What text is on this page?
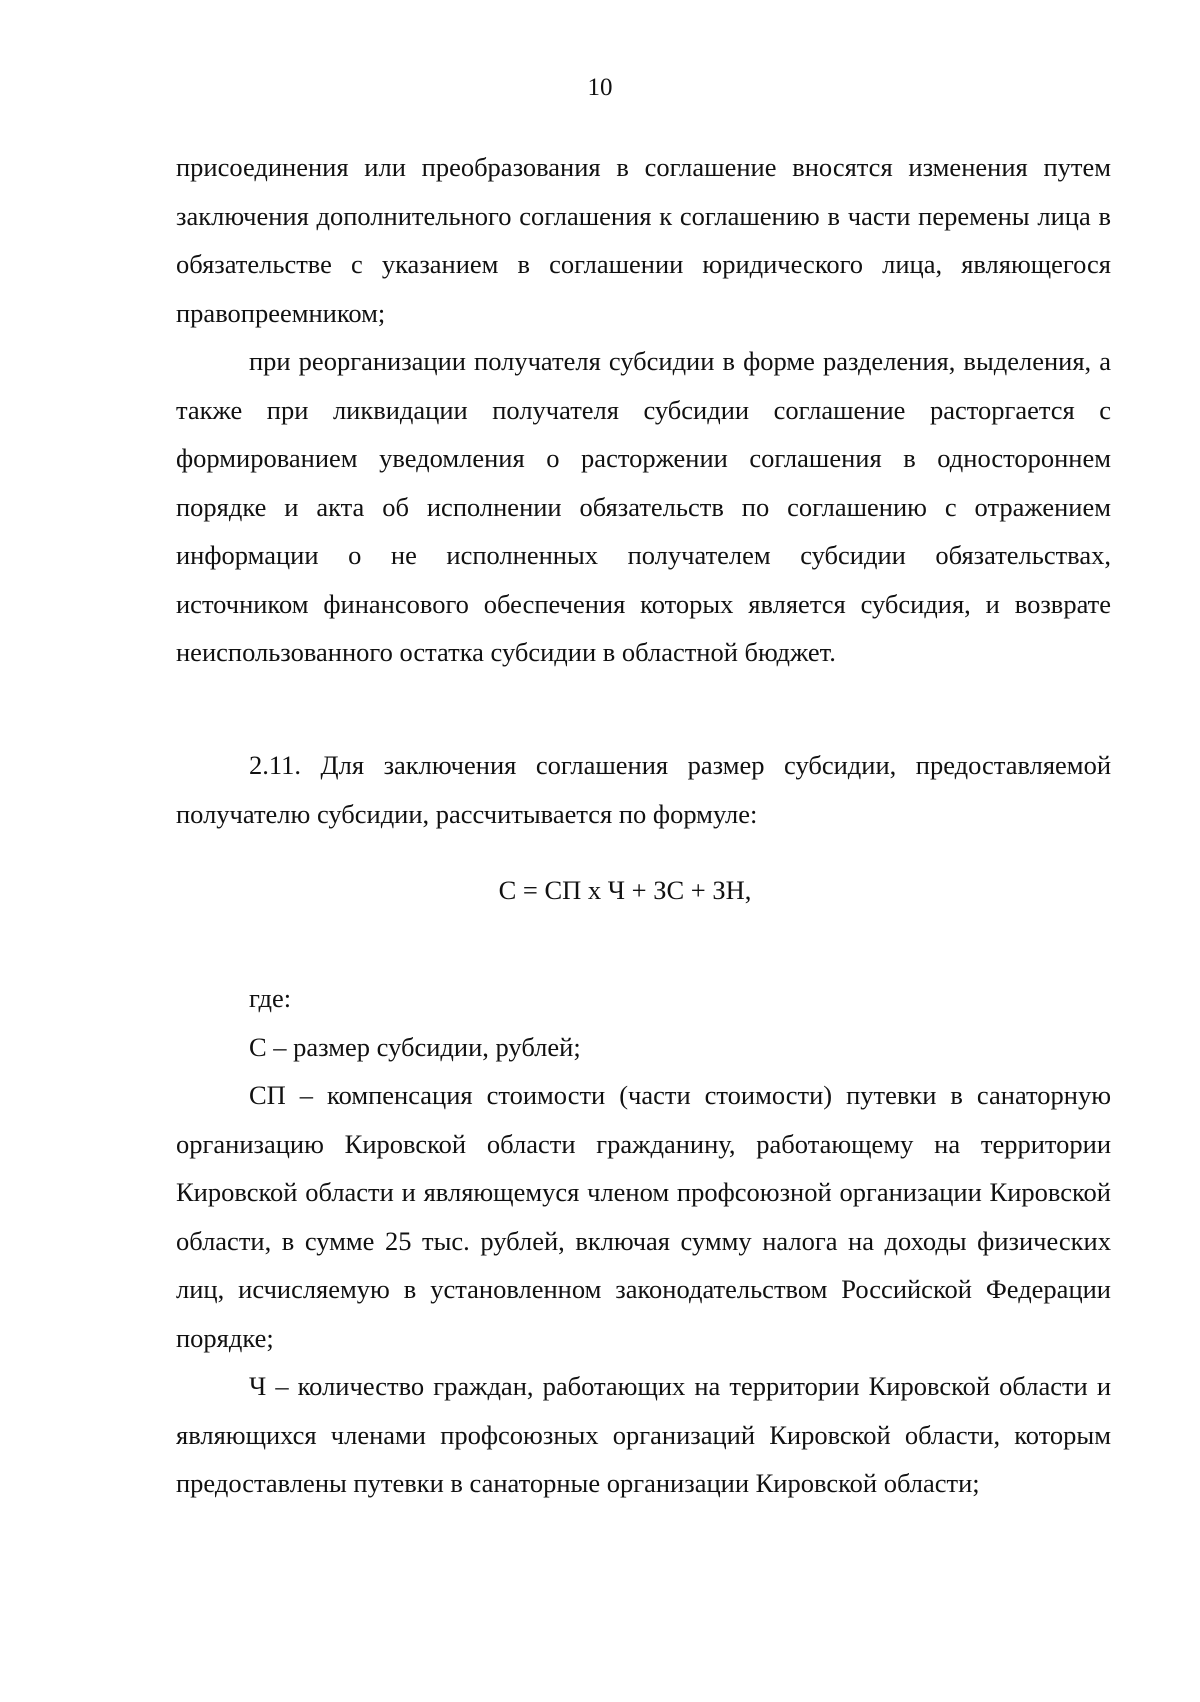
10

присоединения или преобразования в соглашение вносятся изменения путем заключения дополнительного соглашения к соглашению в части перемены лица в обязательстве с указанием в соглашении юридического лица, являющегося правопреемником;

при реорганизации получателя субсидии в форме разделения, выделения, а также при ликвидации получателя субсидии соглашение расторгается с формированием уведомления о расторжении соглашения в одностороннем порядке и акта об исполнении обязательств по соглашению с отражением информации о не исполненных получателем субсидии обязательствах, источником финансового обеспечения которых является субсидия, и возврате неиспользованного остатка субсидии в областной бюджет.

2.11. Для заключения соглашения размер субсидии, предоставляемой получателю субсидии, рассчитывается по формуле:

С = СП х Ч + ЗС + ЗН,

где:

С – размер субсидии, рублей;

СП – компенсация стоимости (части стоимости) путевки в санаторную организацию Кировской области гражданину, работающему на территории Кировской области и являющемуся членом профсоюзной организации Кировской области, в сумме 25 тыс. рублей, включая сумму налога на доходы физических лиц, исчисляемую в установленном законодательством Российской Федерации порядке;

Ч – количество граждан, работающих на территории Кировской области и являющихся членами профсоюзных организаций Кировской области, которым предоставлены путевки в санаторные организации Кировской области;
